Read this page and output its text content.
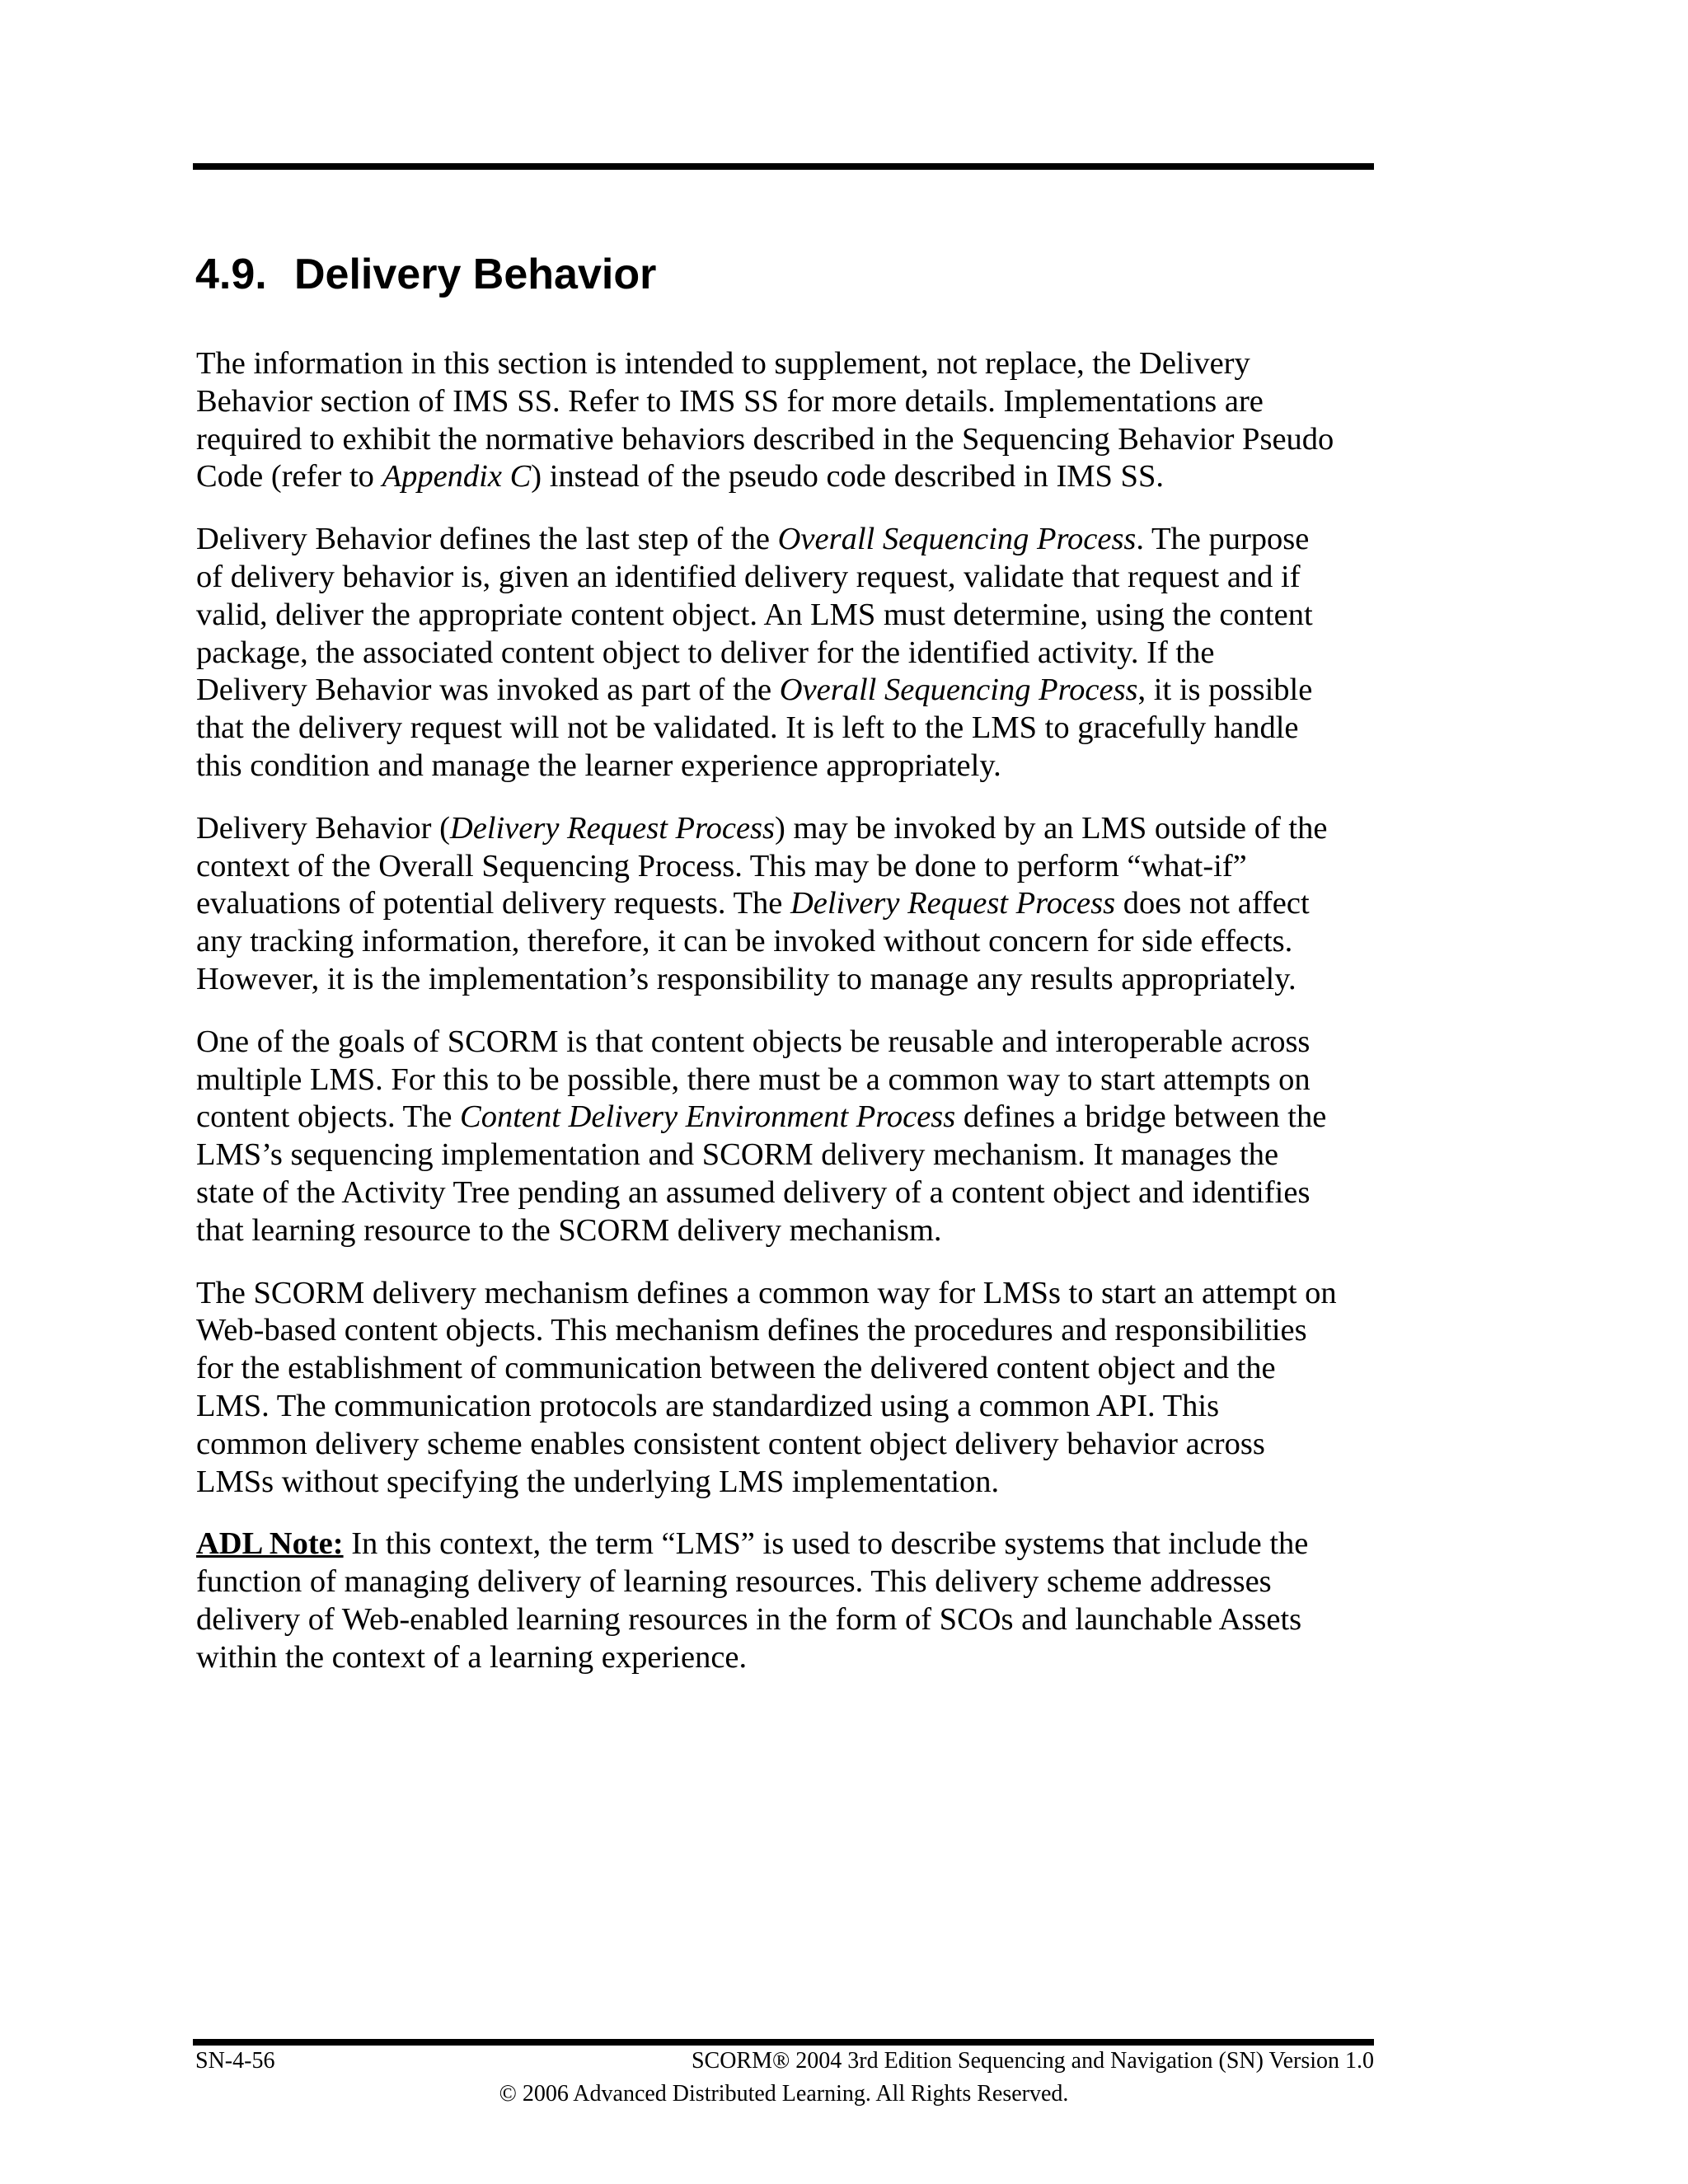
4.9. Delivery Behavior

The information in this section is intended to supplement, not replace, the Delivery
Behavior section of IMS SS. Refer to IMS SS for more details. Implementations are
required to exhibit the normative behaviors described in the Sequencing Behavior Pseudo
Code (refer to Appendix C) instead of the pseudo code described in IMS SS.

Delivery Behavior defines the last step of the Overall Sequencing Process. The purpose
of delivery behavior is, given an identified delivery request, validate that request and if
valid, deliver the appropriate content object. An LMS must determine, using the content
package, the associated content object to deliver for the identified activity. If the
Delivery Behavior was invoked as part of the Overall Sequencing Process, it is possible
that the delivery request will not be validated. It is left to the LMS to gracefully handle
this condition and manage the learner experience appropriately.

Delivery Behavior (Delivery Request Process) may be invoked by an LMS outside of the
context of the Overall Sequencing Process. This may be done to perform “what-if”
evaluations of potential delivery requests. The Delivery Request Process does not affect
any tracking information, therefore, it can be invoked without concern for side effects.
However, it is the implementation’s responsibility to manage any results appropriately.

One of the goals of SCORM is that content objects be reusable and interoperable across
multiple LMS. For this to be possible, there must be a common way to start attempts on
content objects. The Content Delivery Environment Process defines a bridge between the
LMS’s sequencing implementation and SCORM delivery mechanism. It manages the
state of the Activity Tree pending an assumed delivery of a content object and identifies
that learning resource to the SCORM delivery mechanism.

The SCORM delivery mechanism defines a common way for LMSs to start an attempt on
Web-based content objects. This mechanism defines the procedures and responsibilities
for the establishment of communication between the delivered content object and the
LMS. The communication protocols are standardized using a common API. This
common delivery scheme enables consistent content object delivery behavior across
LMSs without specifying the underlying LMS implementation.

ADL Note: In this context, the term “LMS” is used to describe systems that include the
function of managing delivery of learning resources. This delivery scheme addresses
delivery of Web-enabled learning resources in the form of SCOs and launchable Assets
within the context of a learning experience.

SN-4-56	SCORM® 2004 3rd Edition Sequencing and Navigation (SN) Version 1.0
© 2006 Advanced Distributed Learning. All Rights Reserved.
